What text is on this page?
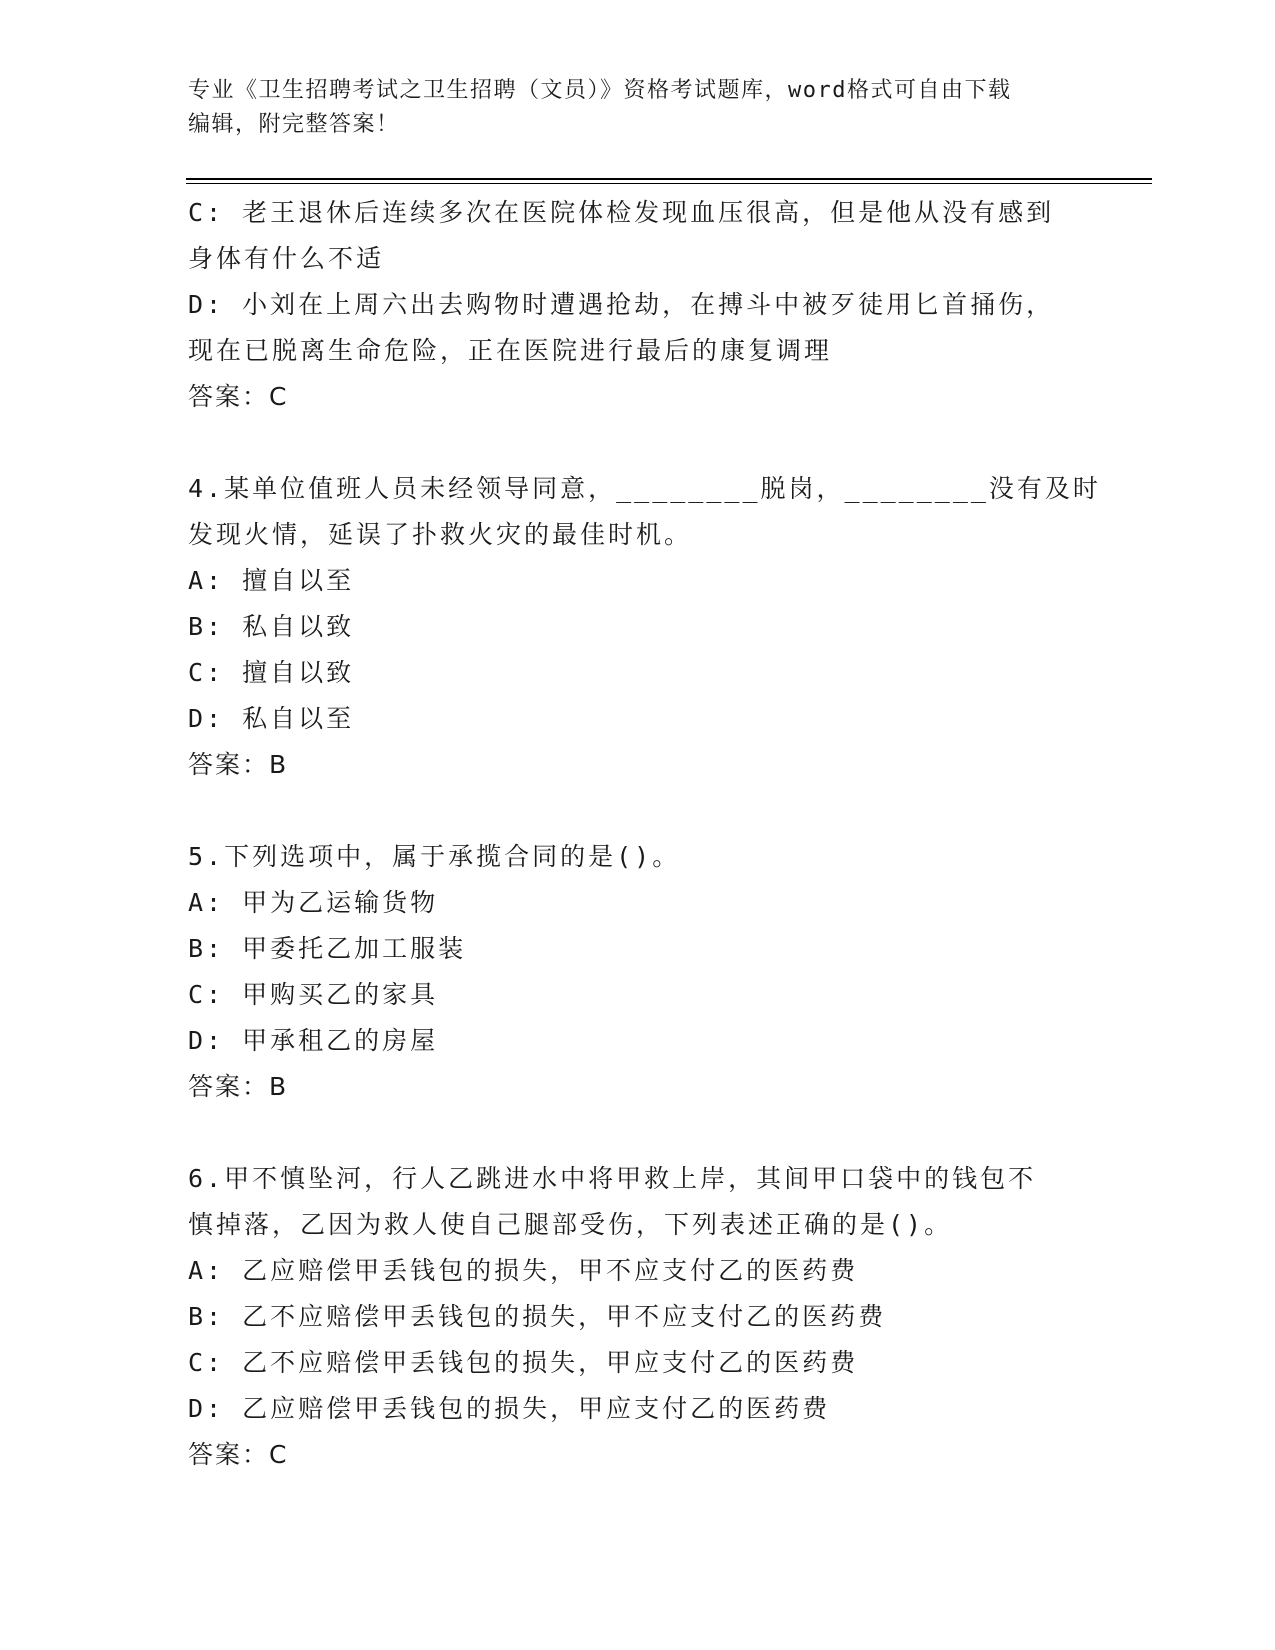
专业《卫生招聘考试之卫生招聘（文员）》资格考试题库，word格式可自由下载

编辑，附完整答案！

C: 老王退休后连续多次在医院体检发现血压很高，但是他从没有感到
身体有什么不适
D: 小刘在上周六出去购物时遭遇抢劫，在搏斗中被歹徒用匕首捅伤，
现在已脱离生命危险，正在医院进行最后的康复调理
答案：C
4.某单位值班人员未经领导同意，________脱岗，________没有及时
发现火情，延误了扑救火灾的最佳时机。
A: 擅自以至
B: 私自以致
C: 擅自以致
D: 私自以至
答案：B
5.下列选项中，属于承揽合同的是()。
A: 甲为乙运输货物
B: 甲委托乙加工服装
C: 甲购买乙的家具
D: 甲承租乙的房屋
答案：B
6.甲不慎坠河，行人乙跳进水中将甲救上岸，其间甲口袋中的钱包不
慎掉落，乙因为救人使自己腿部受伤，下列表述正确的是()。
A: 乙应赔偿甲丢钱包的损失，甲不应支付乙的医药费
B: 乙不应赔偿甲丢钱包的损失，甲不应支付乙的医药费
C: 乙不应赔偿甲丢钱包的损失，甲应支付乙的医药费
D: 乙应赔偿甲丢钱包的损失，甲应支付乙的医药费
答案：C
